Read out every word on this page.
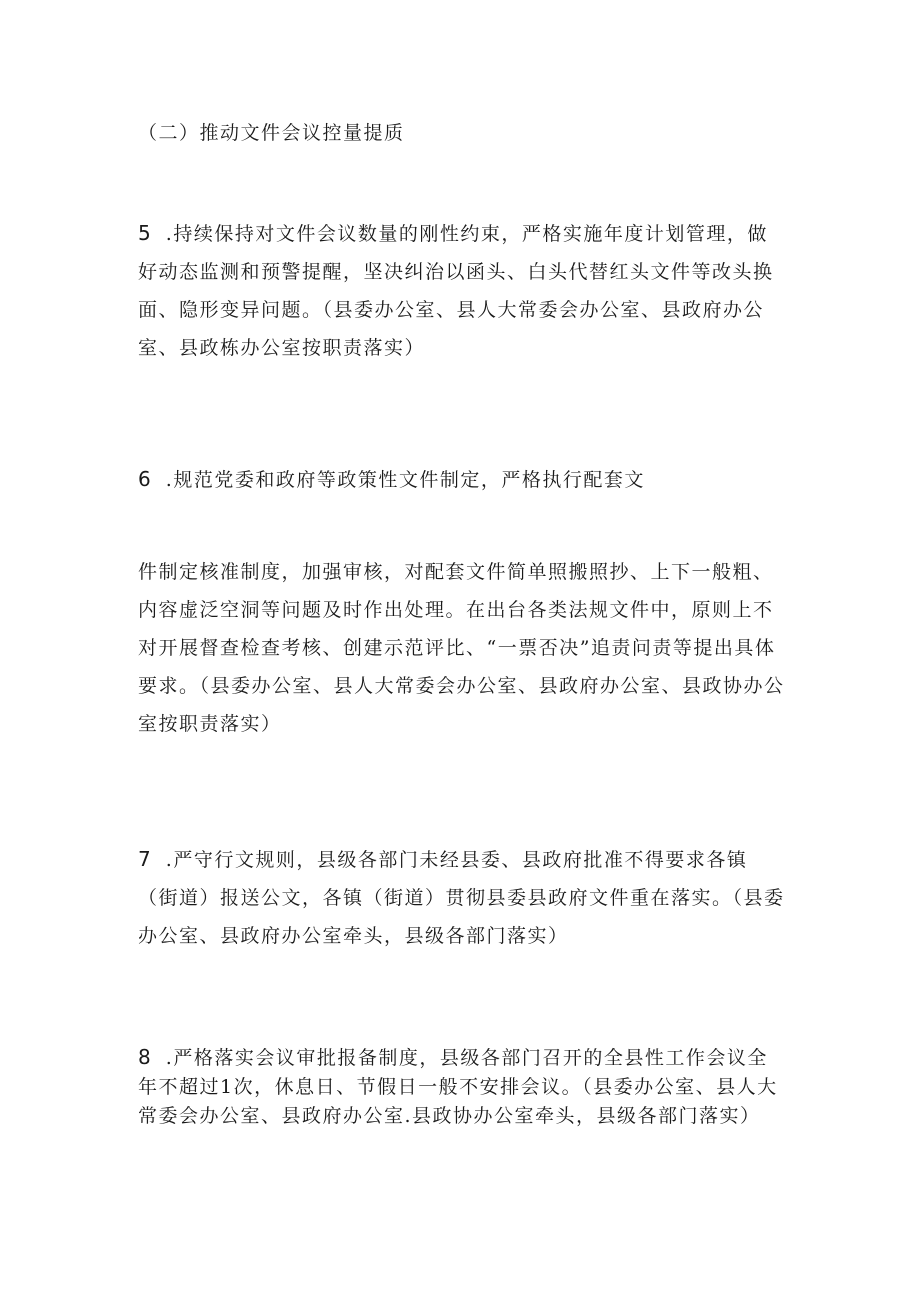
（二）推动文件会议控量提质

5 .持续保持对文件会议数量的刚性约束，严格实施年度计划管理，做好动态监测和预警提醒，坚决纠治以函头、白头代替红头文件等改头换面、隐形变异问题。（县委办公室、县人大常委会办公室、县政府办公室、县政栋办公室按职责落实）

6 .规范党委和政府等政策性文件制定，严格执行配套文

件制定核准制度，加强审核，对配套文件简单照搬照抄、上下一般粗、内容虚泛空洞等问题及时作出处理。在出台各类法规文件中，原则上不对开展督查检查考核、创建示范评比、“一票否决”追责问责等提出具体要求。（县委办公室、县人大常委会办公室、县政府办公室、县政协办公室按职责落实）

7 .严守行文规则，县级各部门未经县委、县政府批准不得要求各镇（街道）报送公文，各镇（街道）贯彻县委县政府文件重在落实。（县委办公室、县政府办公室牵头，县级各部门落实）

8 .严格落实会议审批报备制度，县级各部门召开的全县性工作会议全年不超过1次，休息日、节假日一般不安排会议。（县委办公室、县人大常委会办公室、县政府办公室.县政协办公室牵头，县级各部门落实）
